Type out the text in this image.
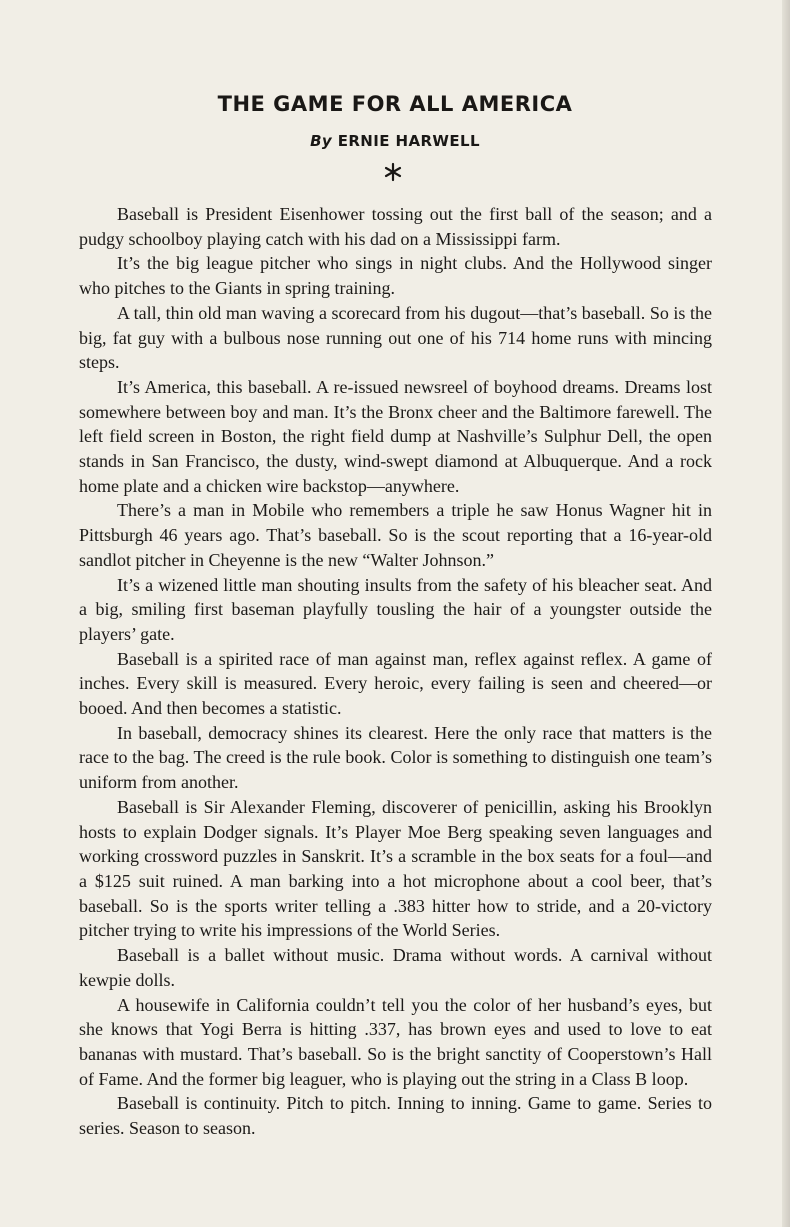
THE GAME FOR ALL AMERICA
By ERNIE HARWELL

Baseball is President Eisenhower tossing out the first ball of the season; and a pudgy schoolboy playing catch with his dad on a Mississippi farm.

It’s the big league pitcher who sings in night clubs. And the Hollywood singer who pitches to the Giants in spring training.

A tall, thin old man waving a scorecard from his dugout—that’s baseball. So is the big, fat guy with a bulbous nose running out one of his 714 home runs with mincing steps.

It’s America, this baseball. A re-issued newsreel of boyhood dreams. Dreams lost somewhere between boy and man. It’s the Bronx cheer and the Baltimore farewell. The left field screen in Boston, the right field dump at Nashville’s Sulphur Dell, the open stands in San Francisco, the dusty, wind-swept diamond at Albuquerque. And a rock home plate and a chicken wire backstop—anywhere.

There’s a man in Mobile who remembers a triple he saw Honus Wagner hit in Pittsburgh 46 years ago. That’s baseball. So is the scout reporting that a 16-year-old sandlot pitcher in Cheyenne is the new “Walter Johnson.”

It’s a wizened little man shouting insults from the safety of his bleacher seat. And a big, smiling first baseman playfully tousling the hair of a youngster outside the players’ gate.

Baseball is a spirited race of man against man, reflex against reflex. A game of inches. Every skill is measured. Every heroic, every failing is seen and cheered—or booed. And then becomes a statistic.

In baseball, democracy shines its clearest. Here the only race that matters is the race to the bag. The creed is the rule book. Color is something to distinguish one team’s uniform from another.

Baseball is Sir Alexander Fleming, discoverer of penicillin, asking his Brooklyn hosts to explain Dodger signals. It’s Player Moe Berg speaking seven languages and working crossword puzzles in Sanskrit. It’s a scramble in the box seats for a foul—and a $125 suit ruined. A man barking into a hot microphone about a cool beer, that’s baseball. So is the sports writer telling a .383 hitter how to stride, and a 20-victory pitcher trying to write his impressions of the World Series.

Baseball is a ballet without music. Drama without words. A carnival without kewpie dolls.

A housewife in California couldn’t tell you the color of her husband’s eyes, but she knows that Yogi Berra is hitting .337, has brown eyes and used to love to eat bananas with mustard. That’s baseball. So is the bright sanctity of Cooperstown’s Hall of Fame. And the former big leaguer, who is playing out the string in a Class B loop.

Baseball is continuity. Pitch to pitch. Inning to inning. Game to game. Series to series. Season to season.
